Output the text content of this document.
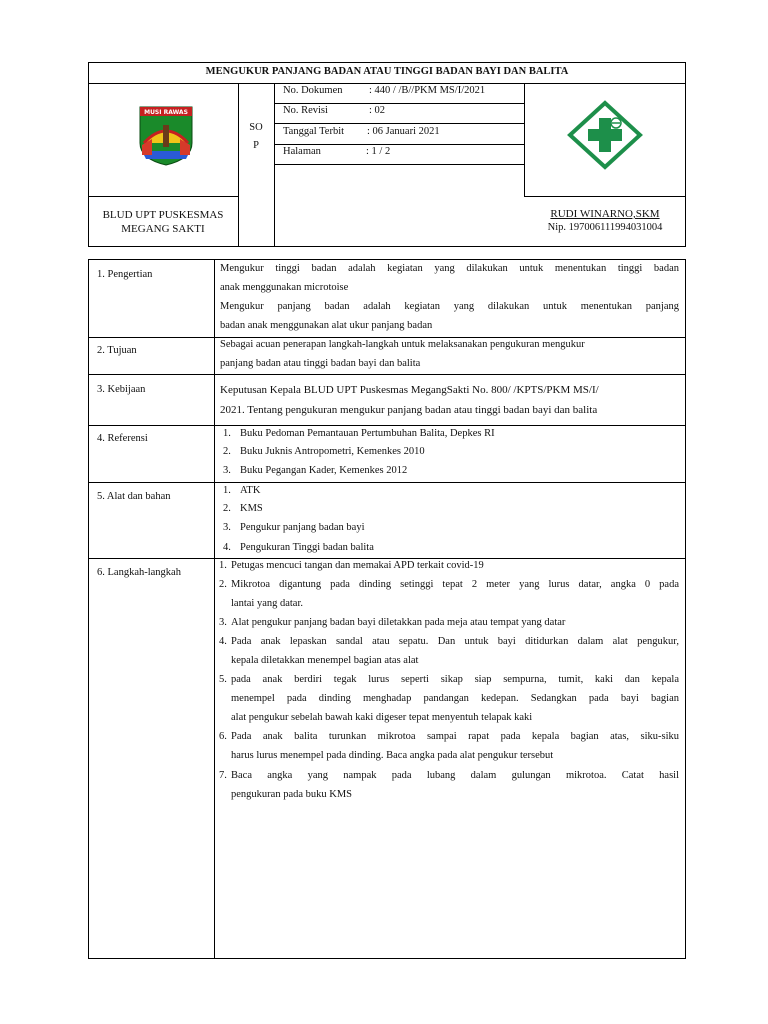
MENGUKUR PANJANG BADAN ATAU TINGGI BADAN BAYI DAN BALITA
No. Dokumen	: 440 / /B//PKM MS/I/2021
No. Revisi	: 02
Tanggal Terbit : 06 Januari 2021
Halaman	: 1 / 2
SO
P
MUSI RAWAS
BLUD UPT PUSKESMAS
MEGANG SAKTI
RUDI WINARNO,SKM
Nip. 197006111994031004
1. Pengertian
Mengukur tinggi badan adalah kegiatan yang dilakukan untuk menentukan tinggi badan
anak menggunakan microtoise
Mengukur panjang badan adalah kegiatan yang dilakukan untuk menentukan panjang
badan anak menggunakan alat ukur panjang badan
2. Tujuan
Sebagai acuan penerapan langkah-langkah untuk melaksanakan pengukuran mengukur
panjang badan atau tinggi badan bayi dan balita
3. Kebijaan	Keputusan Kepala BLUD UPT Puskesmas MegangSakti No. 800/ /KPTS/PKM MS/I/
2021. Tentang pengukuran mengukur panjang badan atau tinggi badan bayi dan balita
4. Referensi	1. Buku Pedoman Pemantauan Pertumbuhan Balita, Depkes RI
2. Buku Juknis Antropometri, Kemenkes 2010
3. Buku Pegangan Kader, Kemenkes 2012
5. Alat dan bahan
1. ATK
2. KMS
3. Pengukur panjang badan bayi
4. Pengukuran Tinggi badan balita
6. Langkah-langkah
1. Petugas mencuci tangan dan memakai APD terkait covid-19
2. Mikrotoa digantung pada dinding setinggi tepat 2 meter yang lurus datar, angka 0 pada
lantai yang datar.
3. Alat pengukur panjang badan bayi diletakkan pada meja atau tempat yang datar
4. Pada anak lepaskan sandal atau sepatu. Dan untuk bayi ditidurkan dalam alat pengukur,
kepala diletakkan menempel bagian atas alat
5. pada anak berdiri tegak lurus seperti sikap siap sempurna, tumit, kaki dan kepala
menempel pada dinding menghadap pandangan kedepan. Sedangkan pada bayi bagian
alat pengukur sebelah bawah kaki digeser tepat menyentuh telapak kaki
6. Pada anak balita turunkan mikrotoa sampai rapat pada kepala bagian atas, siku-siku
harus lurus menempel pada dinding. Baca angka pada alat pengukur tersebut
7. Baca angka yang nampak pada lubang dalam gulungan mikrotoa. Catat hasil
pengukuran pada buku KMS
